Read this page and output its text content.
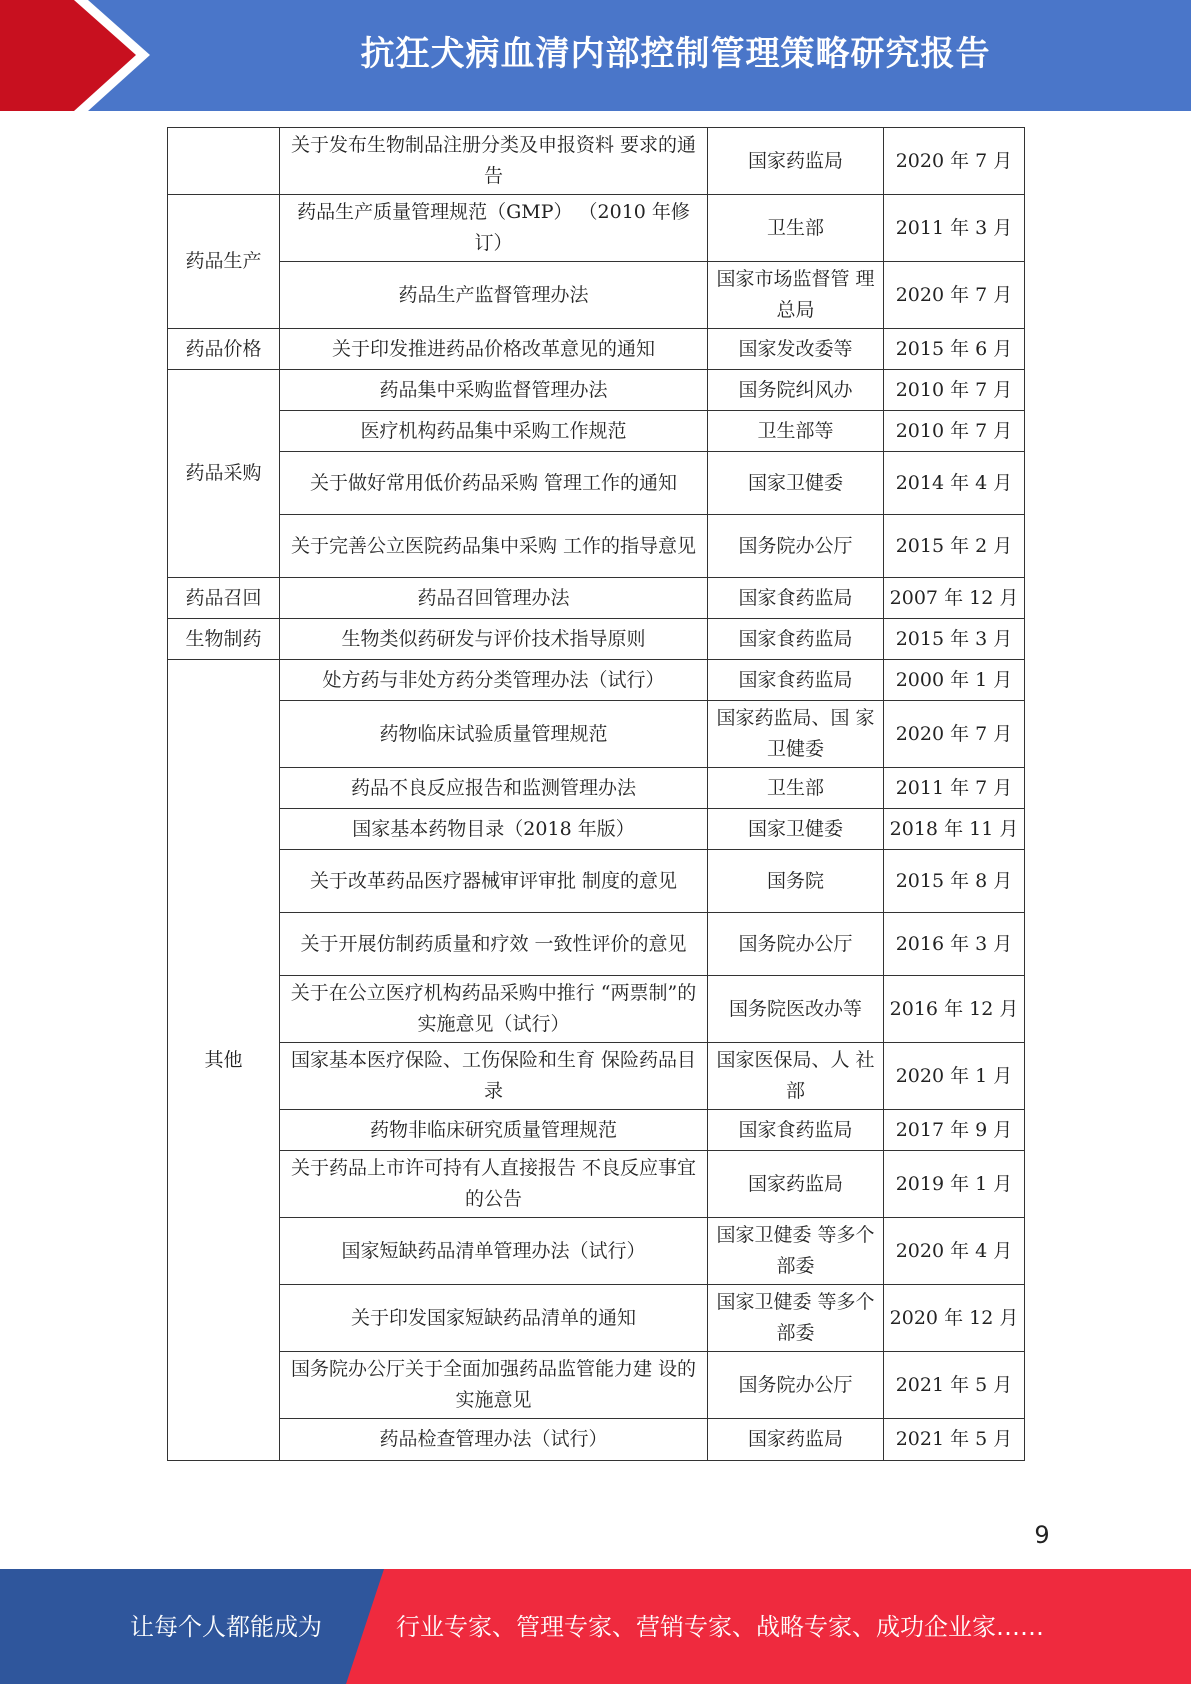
抗狂犬病血清内部控制管理策略研究报告
	关于发布生物制品注册分类及申报资料 要求的通告	国家药监局	2020 年 7 月
药品生产	药品生产质量管理规范（GMP） （2010 年修订）	卫生部	2011 年 3 月
	药品生产监督管理办法	国家市场监督管 理总局	2020 年 7 月
药品价格	关于印发推进药品价格改革意见的通知	国家发改委等	2015 年 6 月
药品采购	药品集中采购监督管理办法	国务院纠风办	2010 年 7 月
	医疗机构药品集中采购工作规范	卫生部等	2010 年 7 月
	关于做好常用低价药品采购 管理工作的通知	国家卫健委	2014 年 4 月
	关于完善公立医院药品集中采购 工作的指导意见	国务院办公厅	2015 年 2 月
药品召回	药品召回管理办法	国家食药监局	2007 年 12 月
生物制药	生物类似药研发与评价技术指导原则	国家食药监局	2015 年 3 月
其他	处方药与非处方药分类管理办法（试行）	国家食药监局	2000 年 1 月
	药物临床试验质量管理规范	国家药监局、国 家卫健委	2020 年 7 月
	药品不良反应报告和监测管理办法	卫生部	2011 年 7 月
	国家基本药物目录（2018 年版）	国家卫健委	2018 年 11 月
	关于改革药品医疗器械审评审批 制度的意见	国务院	2015 年 8 月
	关于开展仿制药质量和疗效 一致性评价的意见	国务院办公厅	2016 年 3 月
	关于在公立医疗机构药品采购中推行 “两票制”的实施意见（试行）	国务院医改办等	2016 年 12 月
	国家基本医疗保险、工伤保险和生育 保险药品目录	国家医保局、人 社部	2020 年 1 月
	药物非临床研究质量管理规范	国家食药监局	2017 年 9 月
	关于药品上市许可持有人直接报告 不良反应事宜的公告	国家药监局	2019 年 1 月
	国家短缺药品清单管理办法（试行）	国家卫健委 等多个部委	2020 年 4 月
	关于印发国家短缺药品清单的通知	国家卫健委 等多个部委	2020 年 12 月
	国务院办公厅关于全面加强药品监管能力建 设的实施意见	国务院办公厅	2021 年 5 月
	药品检查管理办法（试行）	国家药监局	2021 年 5 月
9
让每个人都能成为	行业专家、管理专家、营销专家、战略专家、成功企业家……
